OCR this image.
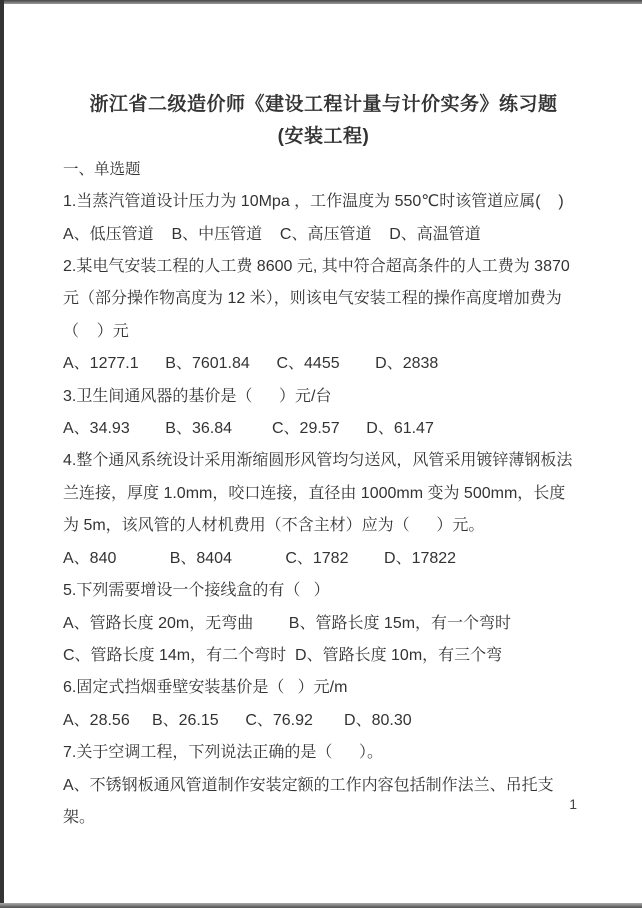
浙江省二级造价师《建设工程计量与计价实务》练习题
(安装工程)
一、单选题
1.当蒸汽管道设计压力为 10Mpa ，工作温度为 550℃时该管道应属(    )
A、低压管道    B、中压管道    C、高压管道    D、高温管道
2.某电气安装工程的人工费 8600 元, 其中符合超高条件的人工费为 3870
元（部分操作物高度为 12 米），则该电气安装工程的操作高度增加费为
（    ）元
A、1277.1      B、7601.84      C、4455        D、2838
3.卫生间通风器的基价是（      ）元/台
A、34.93        B、36.84         C、29.57      D、61.47
4.整个通风系统设计采用渐缩圆形风管均匀送风，风管采用镀锌薄钢板法
兰连接，厚度 1.0mm，咬口连接，直径由 1000mm 变为 500mm，长度
为 5m，该风管的人材机费用（不含主材）应为（      ）元。
A、840            B、8404            C、1782        D、17822
5.下列需要增设一个接线盒的有（   ）
A、管路长度 20m，无弯曲        B、管路长度 15m，有一个弯时
C、管路长度 14m，有二个弯时  D、管路长度 10m，有三个弯
6.固定式挡烟垂壁安装基价是（   ）元/m
A、28.56     B、26.15      C、76.92       D、80.30
7.关于空调工程，下列说法正确的是（      ）。
A、不锈钢板通风管道制作安装定额的工作内容包括制作法兰、吊托支架。
1
